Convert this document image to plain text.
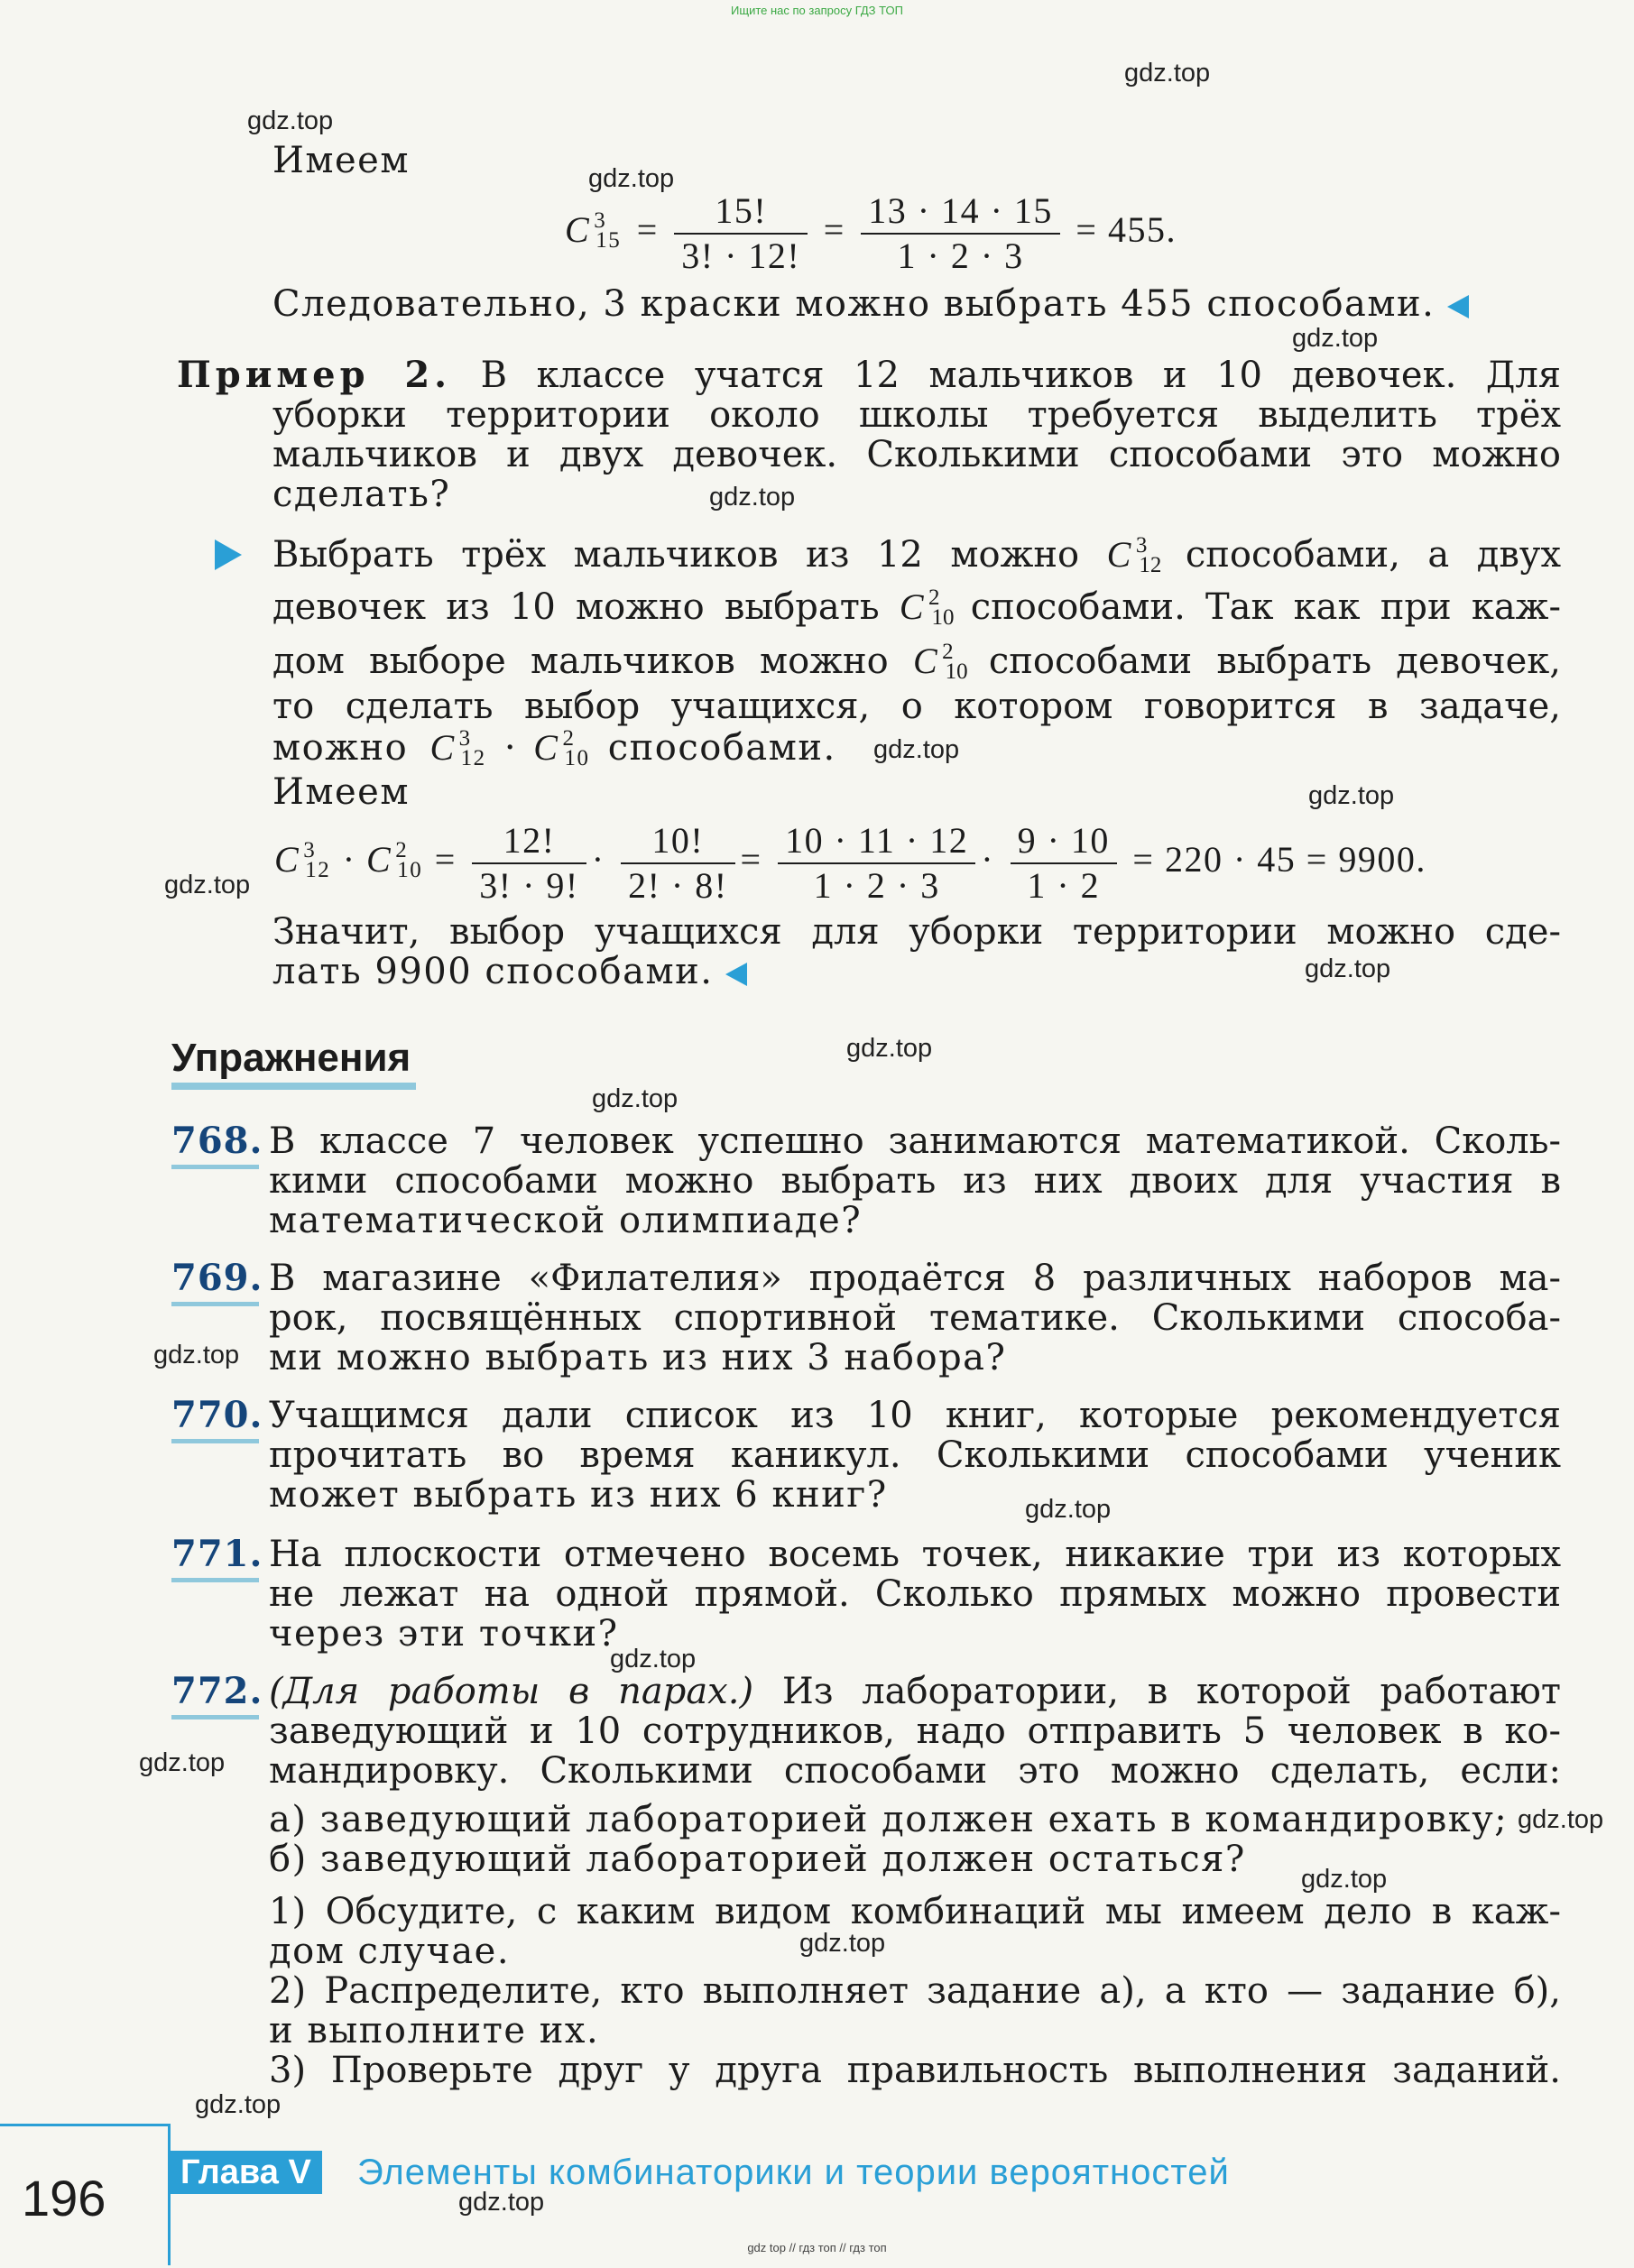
Ищите нас по запросу ГДЗ ТОП
Имеем
C 3
$15 = \frac{15!}{3! \cdot 12!} = \frac{13 \cdot 14 \cdot 15}{1 \cdot 2 \cdot 3} = 455$.
Следовательно, 3 краски можно выбрать 455 способами.
Пример 2. В классе учатся 12 мальчиков и 10 девочек. Для
уборки территории около школы требуется выделить трёх
мальчиков и двух девочек. Сколькими способами это можно
сделать?
Выбрать трёх мальчиков из 12 можно C 3
12 способами, а двух
девочек из 10 можно выбрать C 2
10 способами. Так как при каж-
дом выборе мальчиков можно C 2
10 способами выбрать девочек,
то сделать выбор учащихся, о котором говорится в задаче,
можно C 3
12 · C 2
10 способами.
Имеем
C 3
12 · C 2
$10 = \frac{12!}{3! \cdot 9!} \cdot \frac{10!}{2! \cdot 8!} = \frac{10 \cdot 11 \cdot 12}{1 \cdot 2 \cdot 3} \cdot \frac{9 \cdot 10}{1 \cdot 2} = 220 \cdot 45 = 9900$.
Значит, выбор учащихся для уборки территории можно сде-
лать 9900 способами.
Упражнения
768. В классе 7 человек успешно занимаются математикой. Сколь-
кими способами можно выбрать из них двоих для участия в
математической олимпиаде?
769. В магазине «Филателия» продаётся 8 различных наборов ма-
рок, посвящённых спортивной тематике. Сколькими способа-
ми можно выбрать из них 3 набора?
770. Учащимся дали список из 10 книг, которые рекомендуется
прочитать во время каникул. Сколькими способами ученик
может выбрать из них 6 книг?
771. На плоскости отмечено восемь точек, никакие три из которых
не лежат на одной прямой. Сколько прямых можно провести
через эти точки?
772. (Для работы в парах.) Из лаборатории, в которой работают
заведующий и 10 сотрудников, надо отправить 5 человек в ко-
мандировку. Сколькими способами это можно сделать, если:
а) заведующий лабораторией должен ехать в командировку;
б) заведующий лабораторией должен остаться?
1) Обсудите, с каким видом комбинаций мы имеем дело в каж-
дом случае.
2) Распределите, кто выполняет задание а), а кто — задание б),
и выполните их.
3) Проверьте друг у друга правильность выполнения заданий.
gdz.top
gdz.top
gdz.top
gdz.top
gdz.top
gdz.top
gdz.top
gdz.top
gdz.top
gdz.top
gdz.top
gdz.top
gdz.top
gdz.top
gdz.top
gdz.top
gdz.top
gdz.top
gdz.top
gdz.top
196	Глава V	Элементы комбинаторики и теории вероятностей
gdz top // гдз топ // гдз топ
